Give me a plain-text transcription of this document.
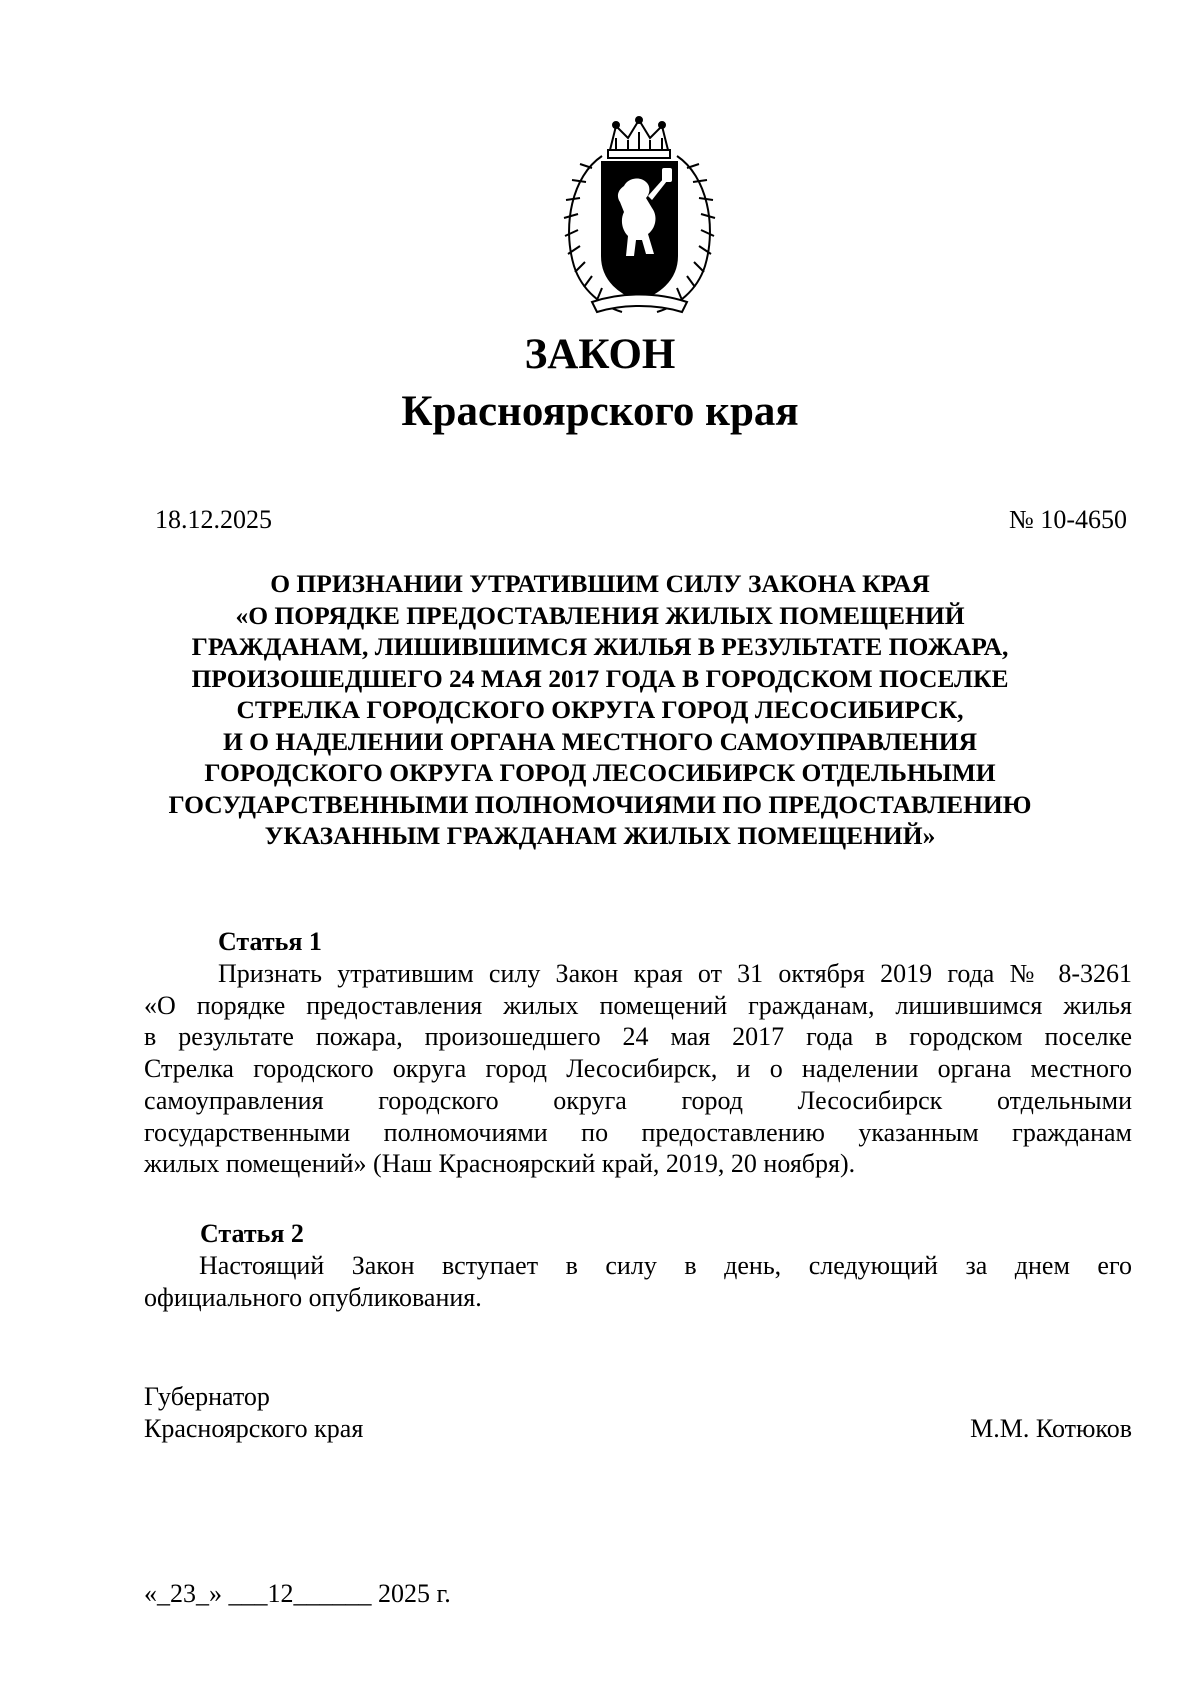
ЗАКОН
Красноярского края
18.12.2025	№ 10-4650
О ПРИЗНАНИИ УТРАТИВШИМ СИЛУ ЗАКОНА КРАЯ
«О ПОРЯДКЕ ПРЕДОСТАВЛЕНИЯ ЖИЛЫХ ПОМЕЩЕНИЙ
ГРАЖДАНАМ, ЛИШИВШИМСЯ ЖИЛЬЯ В РЕЗУЛЬТАТЕ ПОЖАРА,
ПРОИЗОШЕДШЕГО 24 МАЯ 2017 ГОДА В ГОРОДСКОМ ПОСЕЛКЕ
СТРЕЛКА ГОРОДСКОГО ОКРУГА ГОРОД ЛЕСОСИБИРСК,
И О НАДЕЛЕНИИ ОРГАНА МЕСТНОГО САМОУПРАВЛЕНИЯ
ГОРОДСКОГО ОКРУГА ГОРОД ЛЕСОСИБИРСК ОТДЕЛЬНЫМИ
ГОСУДАРСТВЕННЫМИ ПОЛНОМОЧИЯМИ ПО ПРЕДОСТАВЛЕНИЮ
УКАЗАННЫМ ГРАЖДАНАМ ЖИЛЫХ ПОМЕЩЕНИЙ»
Статья 1
Признать утратившим силу Закон края от 31 октября 2019 года № 8-3261
«О порядке предоставления жилых помещений гражданам, лишившимся жилья
в результате пожара, произошедшего 24 мая 2017 года в городском поселке
Стрелка городского округа город Лесосибирск, и о наделении органа местного
самоуправления городского округа город Лесосибирск отдельными
государственными полномочиями по предоставлению указанным гражданам
жилых помещений» (Наш Красноярский край, 2019, 20 ноября).
Статья 2
Настоящий Закон вступает в силу в день, следующий за днем его
официального опубликования.
Губернатор
Красноярского края	М.М. Котюков
«_23_» ___12______ 2025 г.
